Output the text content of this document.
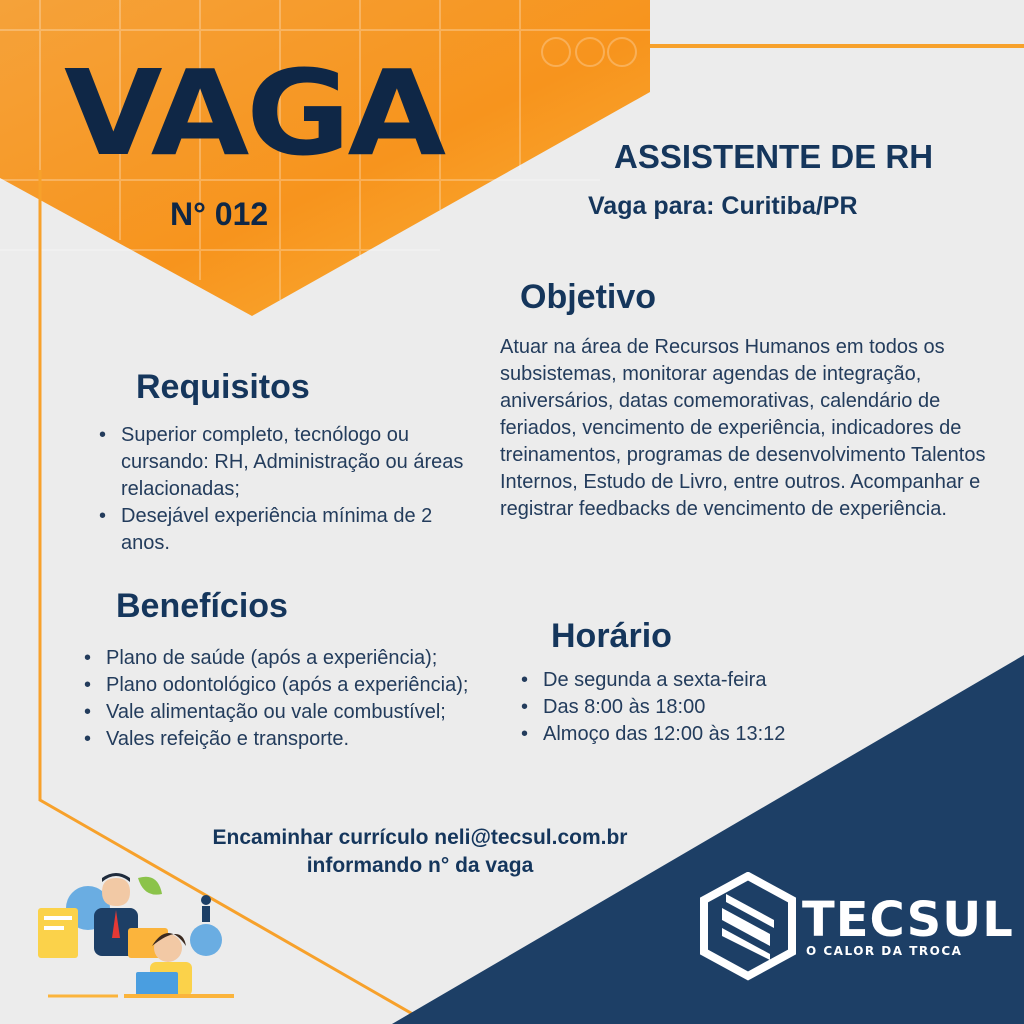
VAGA

N° 012

ASSISTENTE DE RH

Vaga para: Curitiba/PR

Objetivo

Atuar na área de Recursos Humanos em todos os subsistemas, monitorar agendas de integração, aniversários, datas comemorativas, calendário de feriados, vencimento de experiência, indicadores de treinamentos, programas de desenvolvimento Talentos Internos, Estudo de Livro, entre outros. Acompanhar e registrar feedbacks de vencimento de experiência.

Requisitos
• Superior completo, tecnólogo ou cursando: RH, Administração ou áreas relacionadas;
• Desejável experiência mínima de 2 anos.
Benefícios
• Plano de saúde (após a experiência);
• Plano odontológico (após a experiência);
• Vale alimentação ou vale combustível;
• Vales refeição e transporte.
Horário
• De segunda a sexta-feira
• Das 8:00 às 18:00
• Almoço das 12:00 às 13:12

Encaminhar currículo neli@tecsul.com.br
informando n° da vaga

TECSUL

O CALOR DA TROCA
